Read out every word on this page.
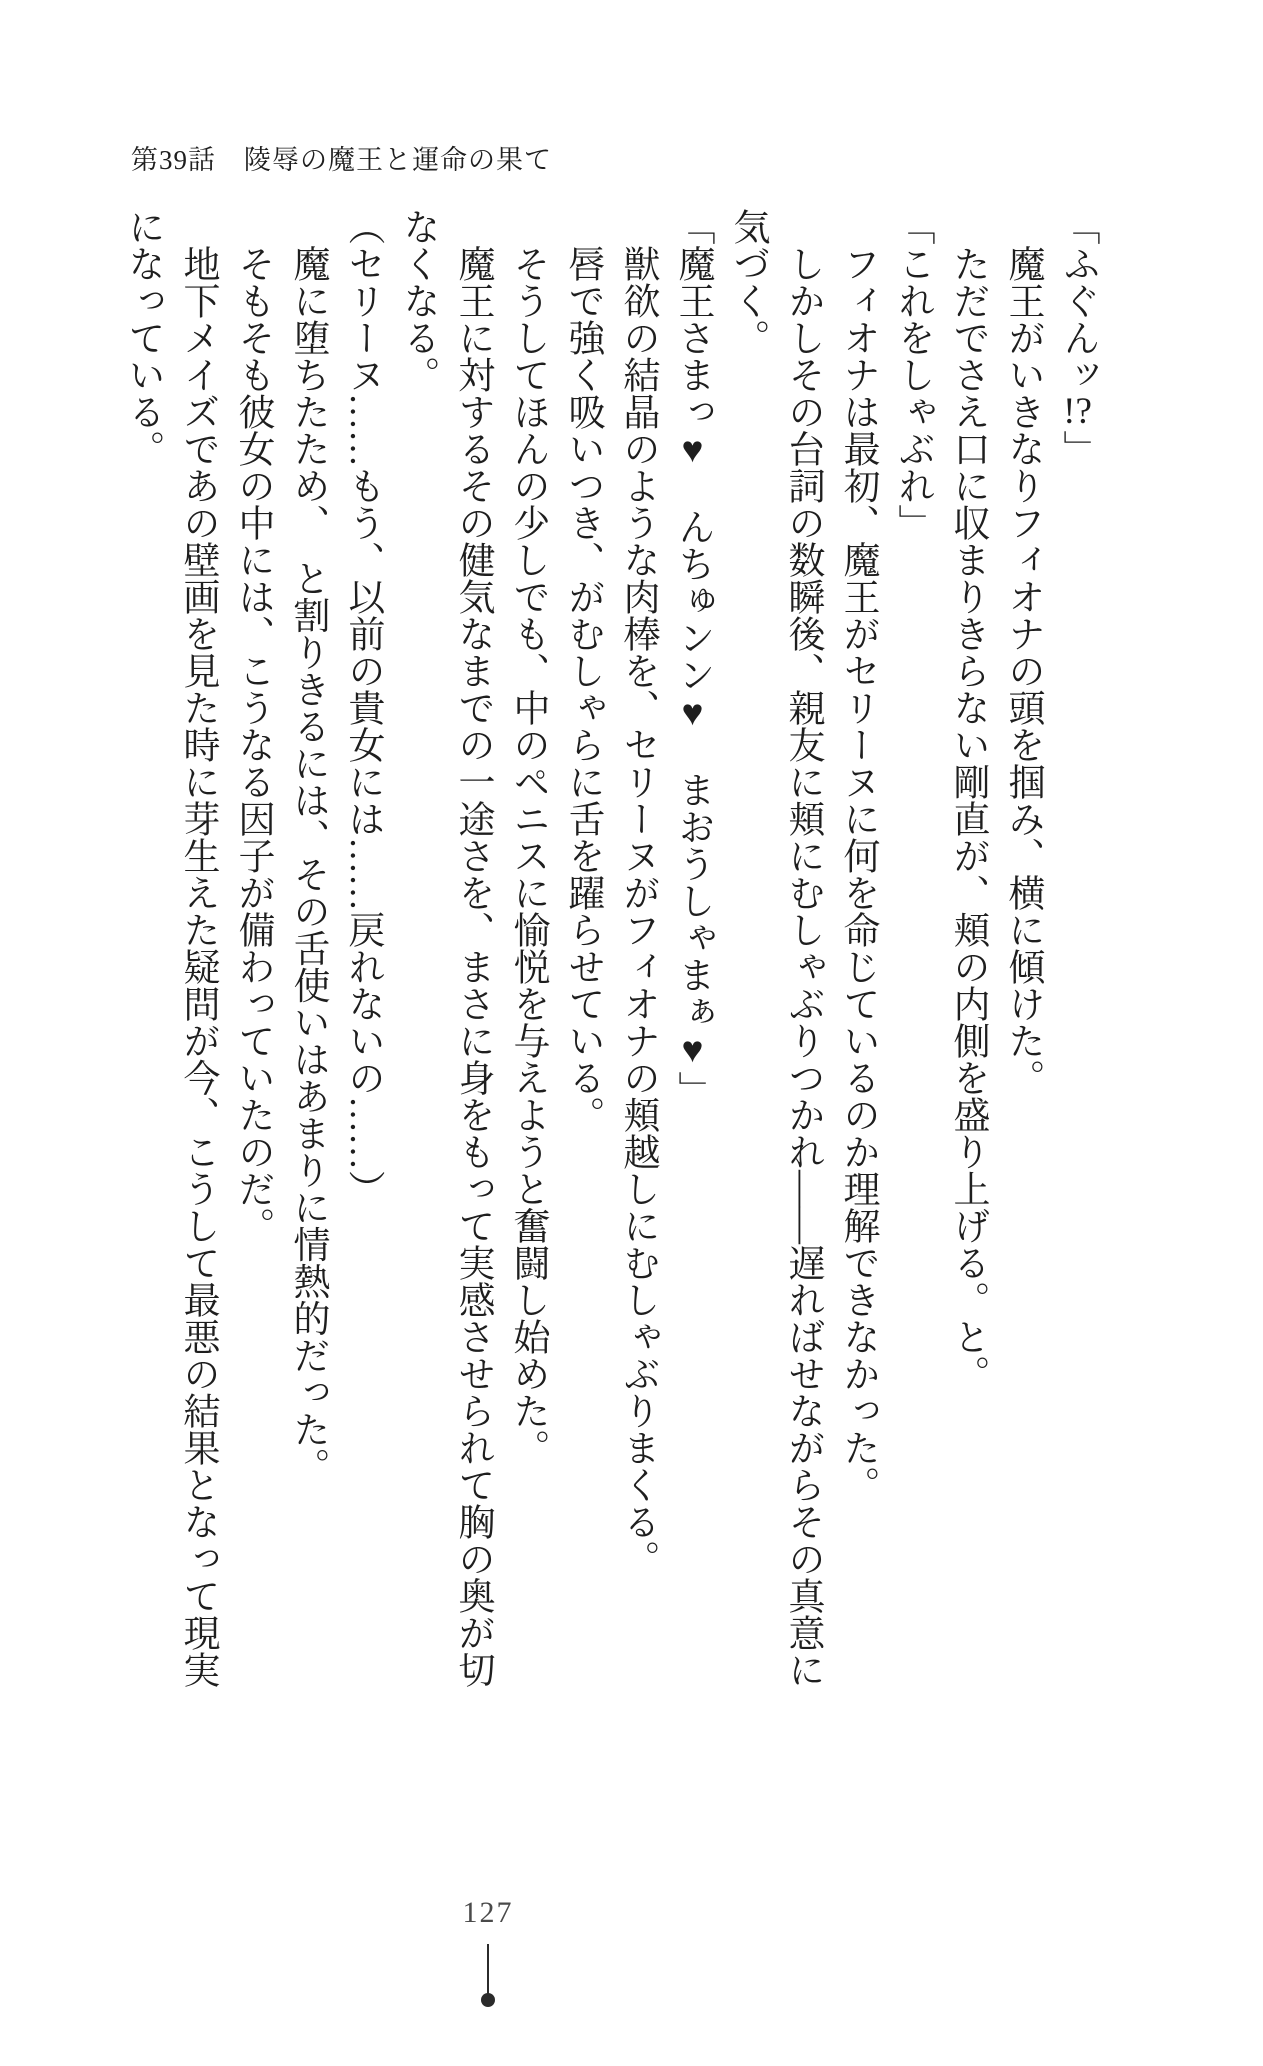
第39話　陵辱の魔王と運命の果て
「ふぐんッ!?」
魔王がいきなりフィオナの頭を掴み、横に傾けた。
ただでさえ口に収まりきらない剛直が、頬の内側を盛り上げる。と。
「これをしゃぶれ」
フィオナは最初、魔王がセリーヌに何を命じているのか理解できなかった。
しかしその台詞の数瞬後、親友に頬にむしゃぶりつかれ――遅ればせながらその真意に
気づく。
「魔王さまっ♥　んちゅンン♥　まおうしゃまぁ♥」
獣欲の結晶のような肉棒を、セリーヌがフィオナの頬越しにむしゃぶりまくる。
唇で強く吸いつき、がむしゃらに舌を躍らせている。
そうしてほんの少しでも、中のペニスに愉悦を与えようと奮闘し始めた。
魔王に対するその健気なまでの一途さを、まさに身をもって実感させられて胸の奥が切
なくなる。
（セリーヌ……もう、以前の貴女には……戻れないの……）
魔に堕ちたため、　と割りきるには、その舌使いはあまりに情熱的だった。
そもそも彼女の中には、こうなる因子が備わっていたのだ。
地下メイズであの壁画を見た時に芽生えた疑問が今、こうして最悪の結果となって現実
になっている。
127
